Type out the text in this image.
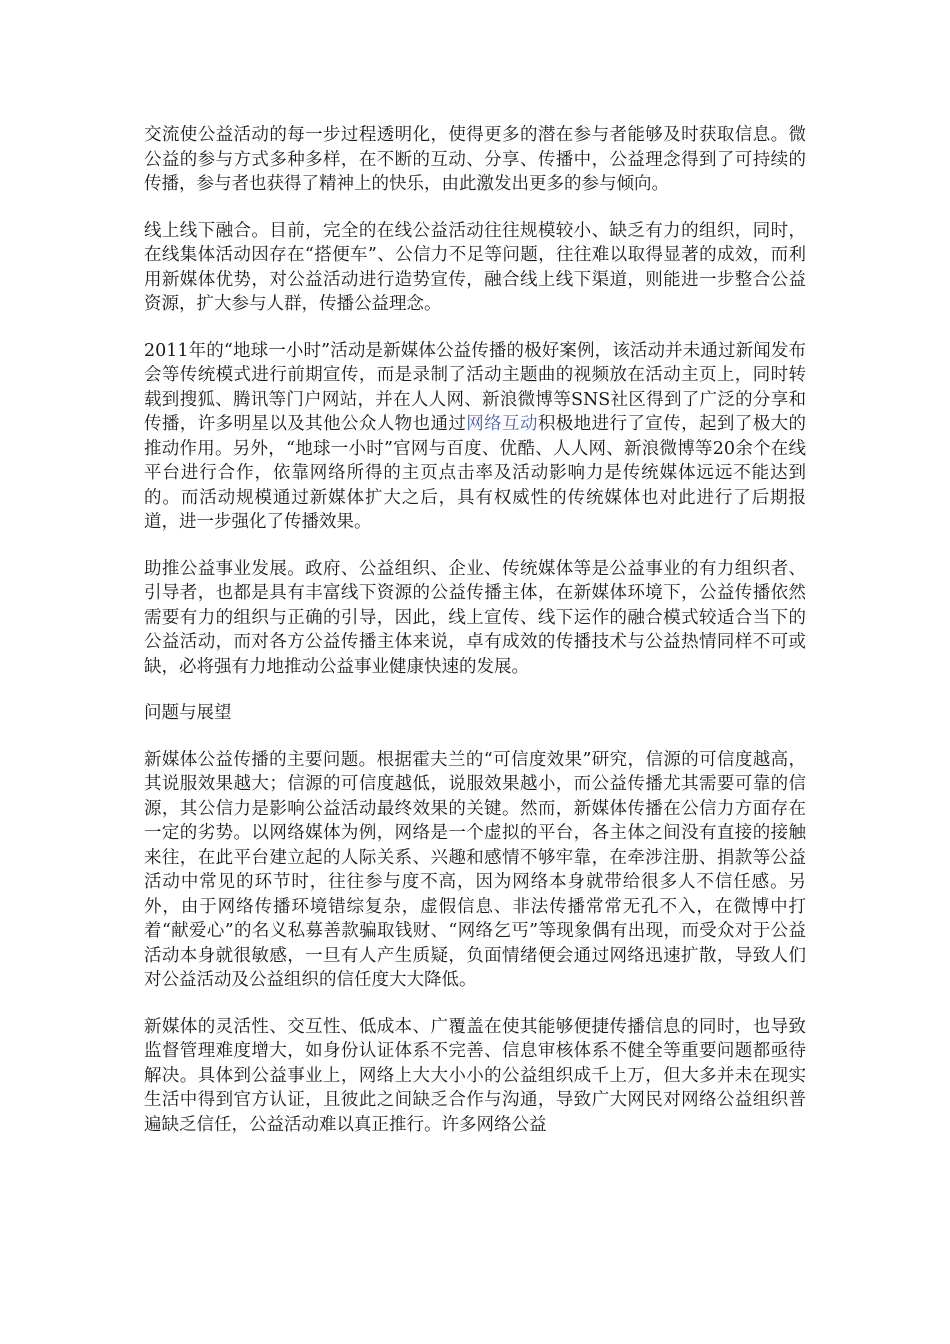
交流使公益活动的每一步过程透明化，使得更多的潜在参与者能够及时获取信息。微公益的参与方式多种多样，在不断的互动、分享、传播中，公益理念得到了可持续的传播，参与者也获得了精神上的快乐，由此激发出更多的参与倾向。

线上线下融合。目前，完全的在线公益活动往往规模较小、缺乏有力的组织，同时，在线集体活动因存在“搭便车”、公信力不足等问题，往往难以取得显著的成效，而利用新媒体优势，对公益活动进行造势宣传，融合线上线下渠道，则能进一步整合公益资源，扩大参与人群，传播公益理念。

2011年的“地球一小时”活动是新媒体公益传播的极好案例，该活动并未通过新闻发布会等传统模式进行前期宣传，而是录制了活动主题曲的视频放在活动主页上，同时转载到搜狐、腾讯等门户网站，并在人人网、新浪微博等SNS社区得到了广泛的分享和传播，许多明星以及其他公众人物也通过网络互动积极地进行了宣传，起到了极大的推动作用。另外，“地球一小时”官网与百度、优酷、人人网、新浪微博等20余个在线平台进行合作，依靠网络所得的主页点击率及活动影响力是传统媒体远远不能达到的。而活动规模通过新媒体扩大之后，具有权威性的传统媒体也对此进行了后期报道，进一步强化了传播效果。

助推公益事业发展。政府、公益组织、企业、传统媒体等是公益事业的有力组织者、引导者，也都是具有丰富线下资源的公益传播主体，在新媒体环境下，公益传播依然需要有力的组织与正确的引导，因此，线上宣传、线下运作的融合模式较适合当下的公益活动，而对各方公益传播主体来说，卓有成效的传播技术与公益热情同样不可或缺，必将强有力地推动公益事业健康快速的发展。

问题与展望

新媒体公益传播的主要问题。根据霍夫兰的“可信度效果”研究，信源的可信度越高，其说服效果越大；信源的可信度越低，说服效果越小，而公益传播尤其需要可靠的信源，其公信力是影响公益活动最终效果的关键。然而，新媒体传播在公信力方面存在一定的劣势。以网络媒体为例，网络是一个虚拟的平台，各主体之间没有直接的接触来往，在此平台建立起的人际关系、兴趣和感情不够牢靠，在牵涉注册、捐款等公益活动中常见的环节时，往往参与度不高，因为网络本身就带给很多人不信任感。另外，由于网络传播环境错综复杂，虚假信息、非法传播常常无孔不入，在微博中打着“献爱心”的名义私募善款骗取钱财、“网络乞丐”等现象偶有出现，而受众对于公益活动本身就很敏感，一旦有人产生质疑，负面情绪便会通过网络迅速扩散，导致人们对公益活动及公益组织的信任度大大降低。

新媒体的灵活性、交互性、低成本、广覆盖在使其能够便捷传播信息的同时，也导致监督管理难度增大，如身份认证体系不完善、信息审核体系不健全等重要问题都亟待解决。具体到公益事业上，网络上大大小小的公益组织成千上万，但大多并未在现实生活中得到官方认证，且彼此之间缺乏合作与沟通，导致广大网民对网络公益组织普遍缺乏信任，公益活动难以真正推行。许多网络公益
